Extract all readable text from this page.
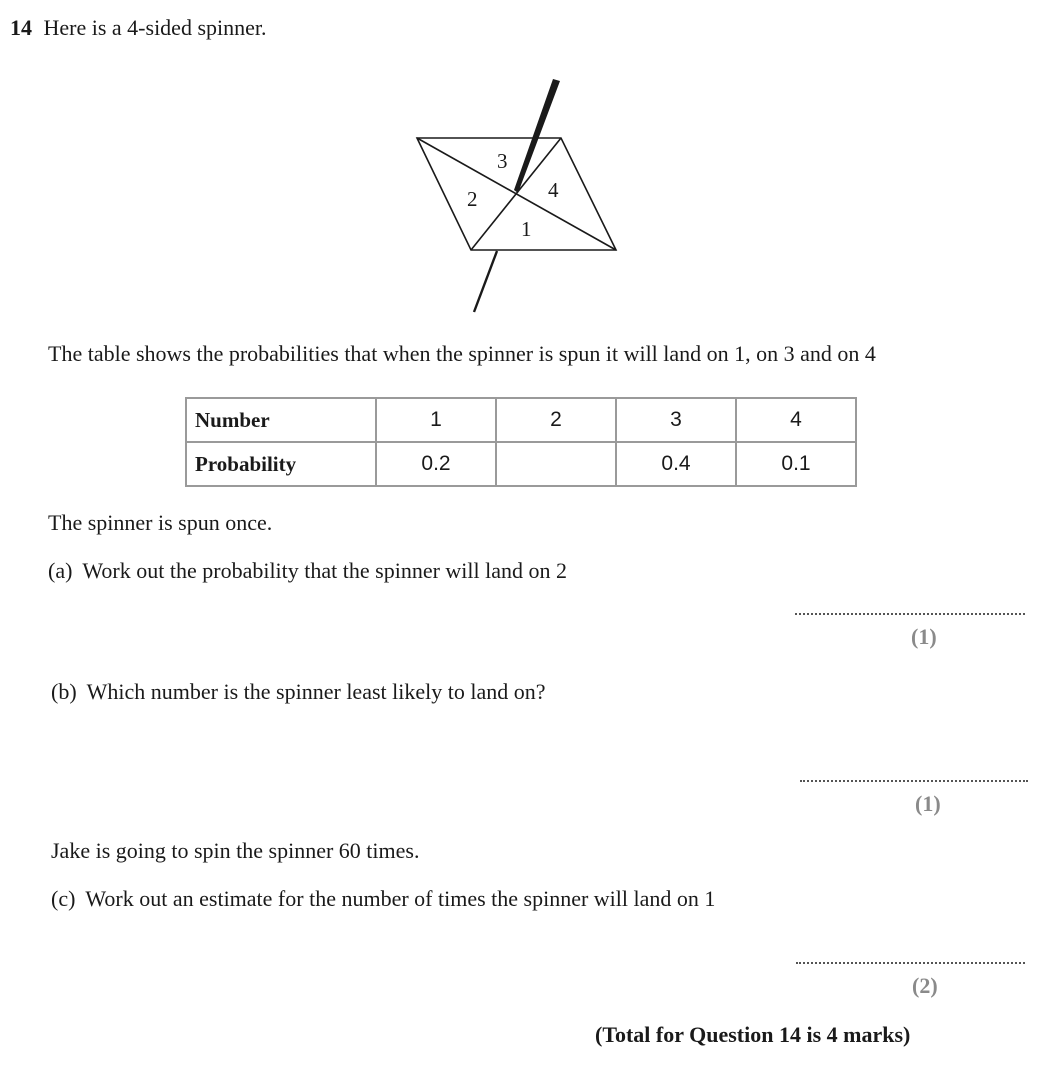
14 Here is a 4-sided spinner.
3
2	4
1
The table shows the probabilities that when the spinner is spun it will land on 1, on 3 and on 4
Number	1	2	3	4
Probability	0.2		0.4	0.1
The spinner is spun once.
(a) Work out the probability that the spinner will land on 2
(1)
(b) Which number is the spinner least likely to land on?
(1)
Jake is going to spin the spinner 60 times.
(c) Work out an estimate for the number of times the spinner will land on 1
(2)
(Total for Question 14 is 4 marks)
